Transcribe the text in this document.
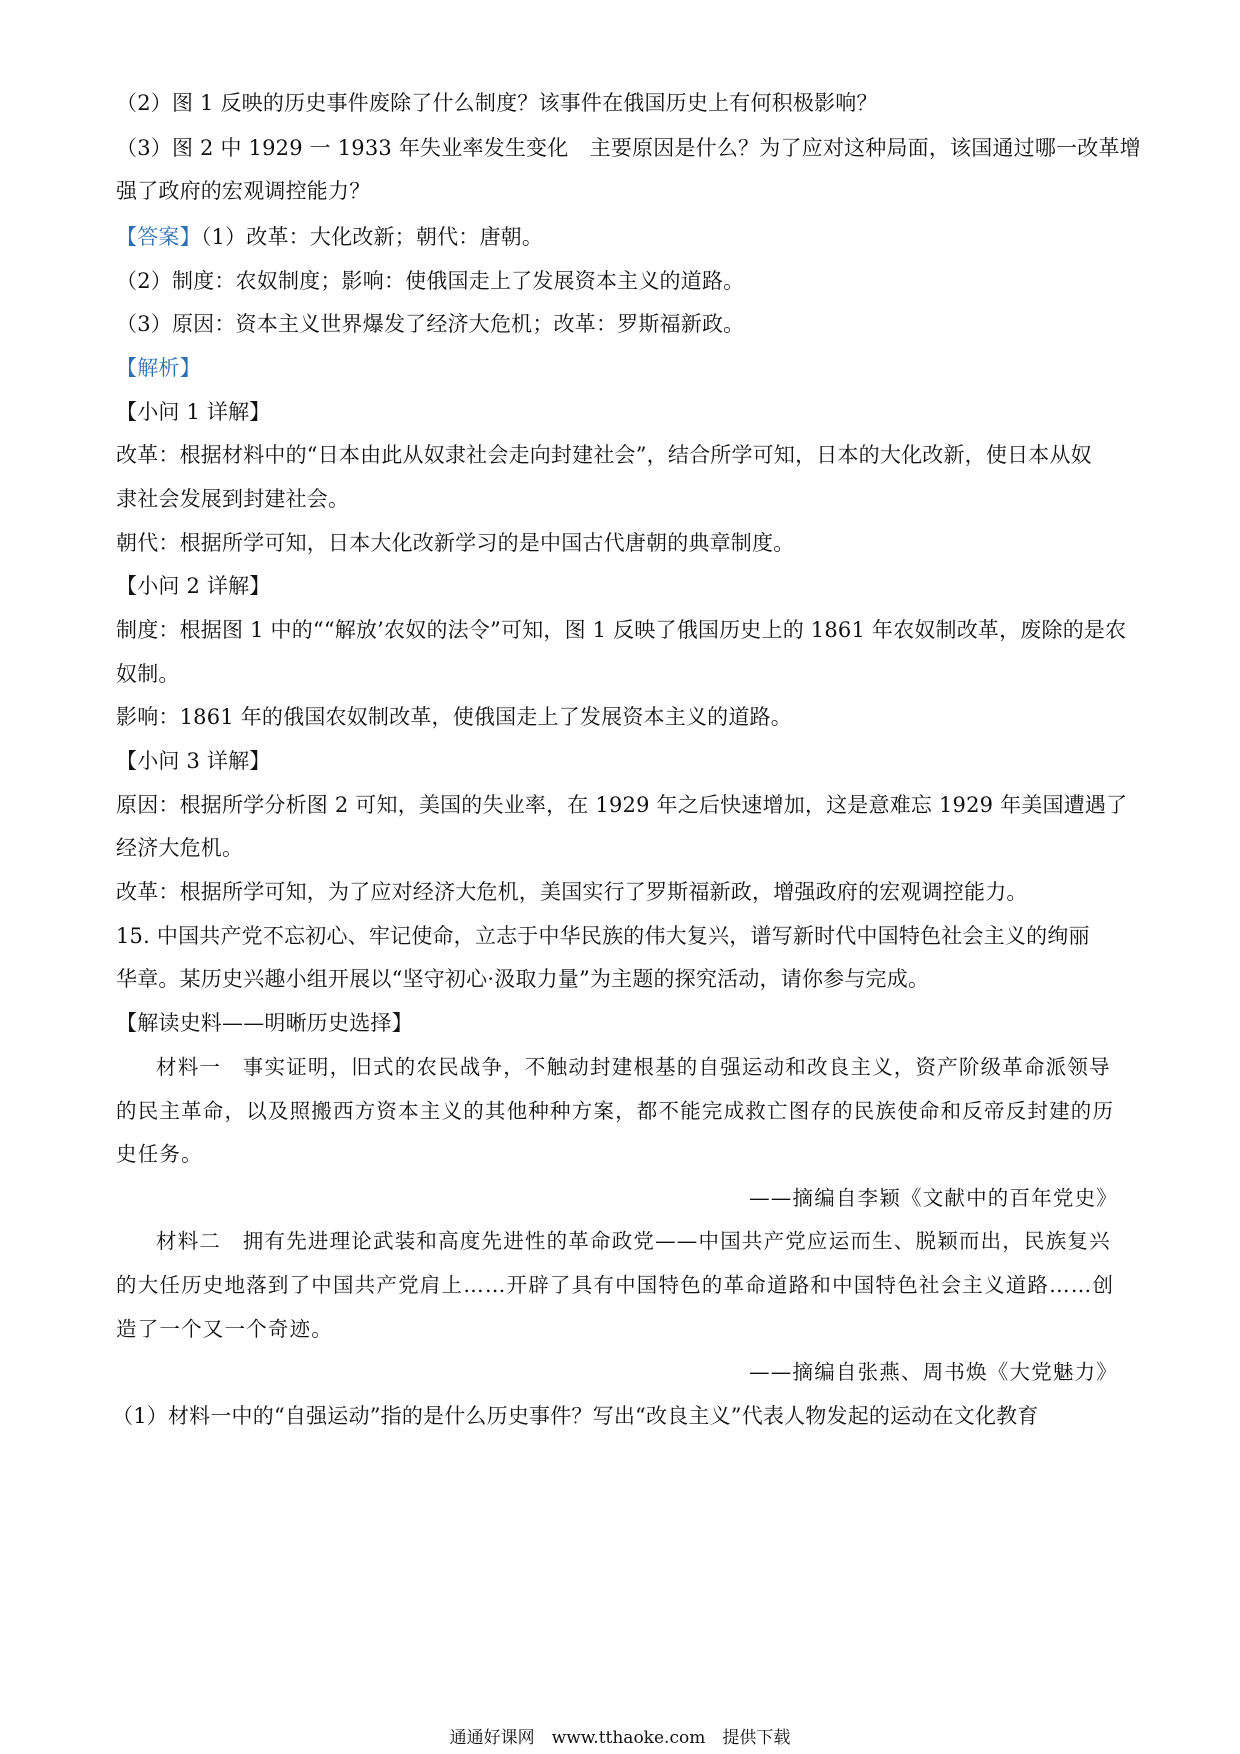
（2）图 1 反映的历史事件废除了什么制度？该事件在俄国历史上有何积极影响？
（3）图 2 中 1929 一 1933 年失业率发生变化　主要原因是什么？为了应对这种局面，该国通过哪一改革增
强了政府的宏观调控能力？
【答案】（1）改革：大化改新；朝代：唐朝。
（2）制度：农奴制度；影响：使俄国走上了发展资本主义的道路。
（3）原因：资本主义世界爆发了经济大危机；改革：罗斯福新政。
【解析】
【小问 1 详解】
改革：根据材料中的“日本由此从奴隶社会走向封建社会”，结合所学可知，日本的大化改新，使日本从奴
隶社会发展到封建社会。
朝代：根据所学可知，日本大化改新学习的是中国古代唐朝的典章制度。
【小问 2 详解】
制度：根据图 1 中的““解放’农奴的法令”可知，图 1 反映了俄国历史上的 1861 年农奴制改革，废除的是农
奴制。
影响：1861 年的俄国农奴制改革，使俄国走上了发展资本主义的道路。
【小问 3 详解】
原因：根据所学分析图 2 可知，美国的失业率，在 1929 年之后快速增加，这是意难忘 1929 年美国遭遇了
经济大危机。
改革：根据所学可知，为了应对经济大危机，美国实行了罗斯福新政，增强政府的宏观调控能力。
15. 中国共产党不忘初心、牢记使命，立志于中华民族的伟大复兴，谱写新时代中国特色社会主义的绚丽
华章。某历史兴趣小组开展以“坚守初心·汲取力量”为主题的探究活动，请你参与完成。
【解读史料——明晰历史选择】
材料一　事实证明，旧式的农民战争，不触动封建根基的自强运动和改良主义，资产阶级革命派领导
的民主革命，以及照搬西方资本主义的其他种种方案，都不能完成救亡图存的民族使命和反帝反封建的历
史任务。
——摘编自李颖《文献中的百年党史》
材料二　拥有先进理论武装和高度先进性的革命政党——中国共产党应运而生、脱颖而出，民族复兴
的大任历史地落到了中国共产党肩上……开辟了具有中国特色的革命道路和中国特色社会主义道路……创
造了一个又一个奇迹。
——摘编自张燕、周书焕《大党魅力》
（1）材料一中的“自强运动”指的是什么历史事件？写出“改良主义”代表人物发起的运动在文化教育
通通好课网　www.tthaoke.com　提供下载
